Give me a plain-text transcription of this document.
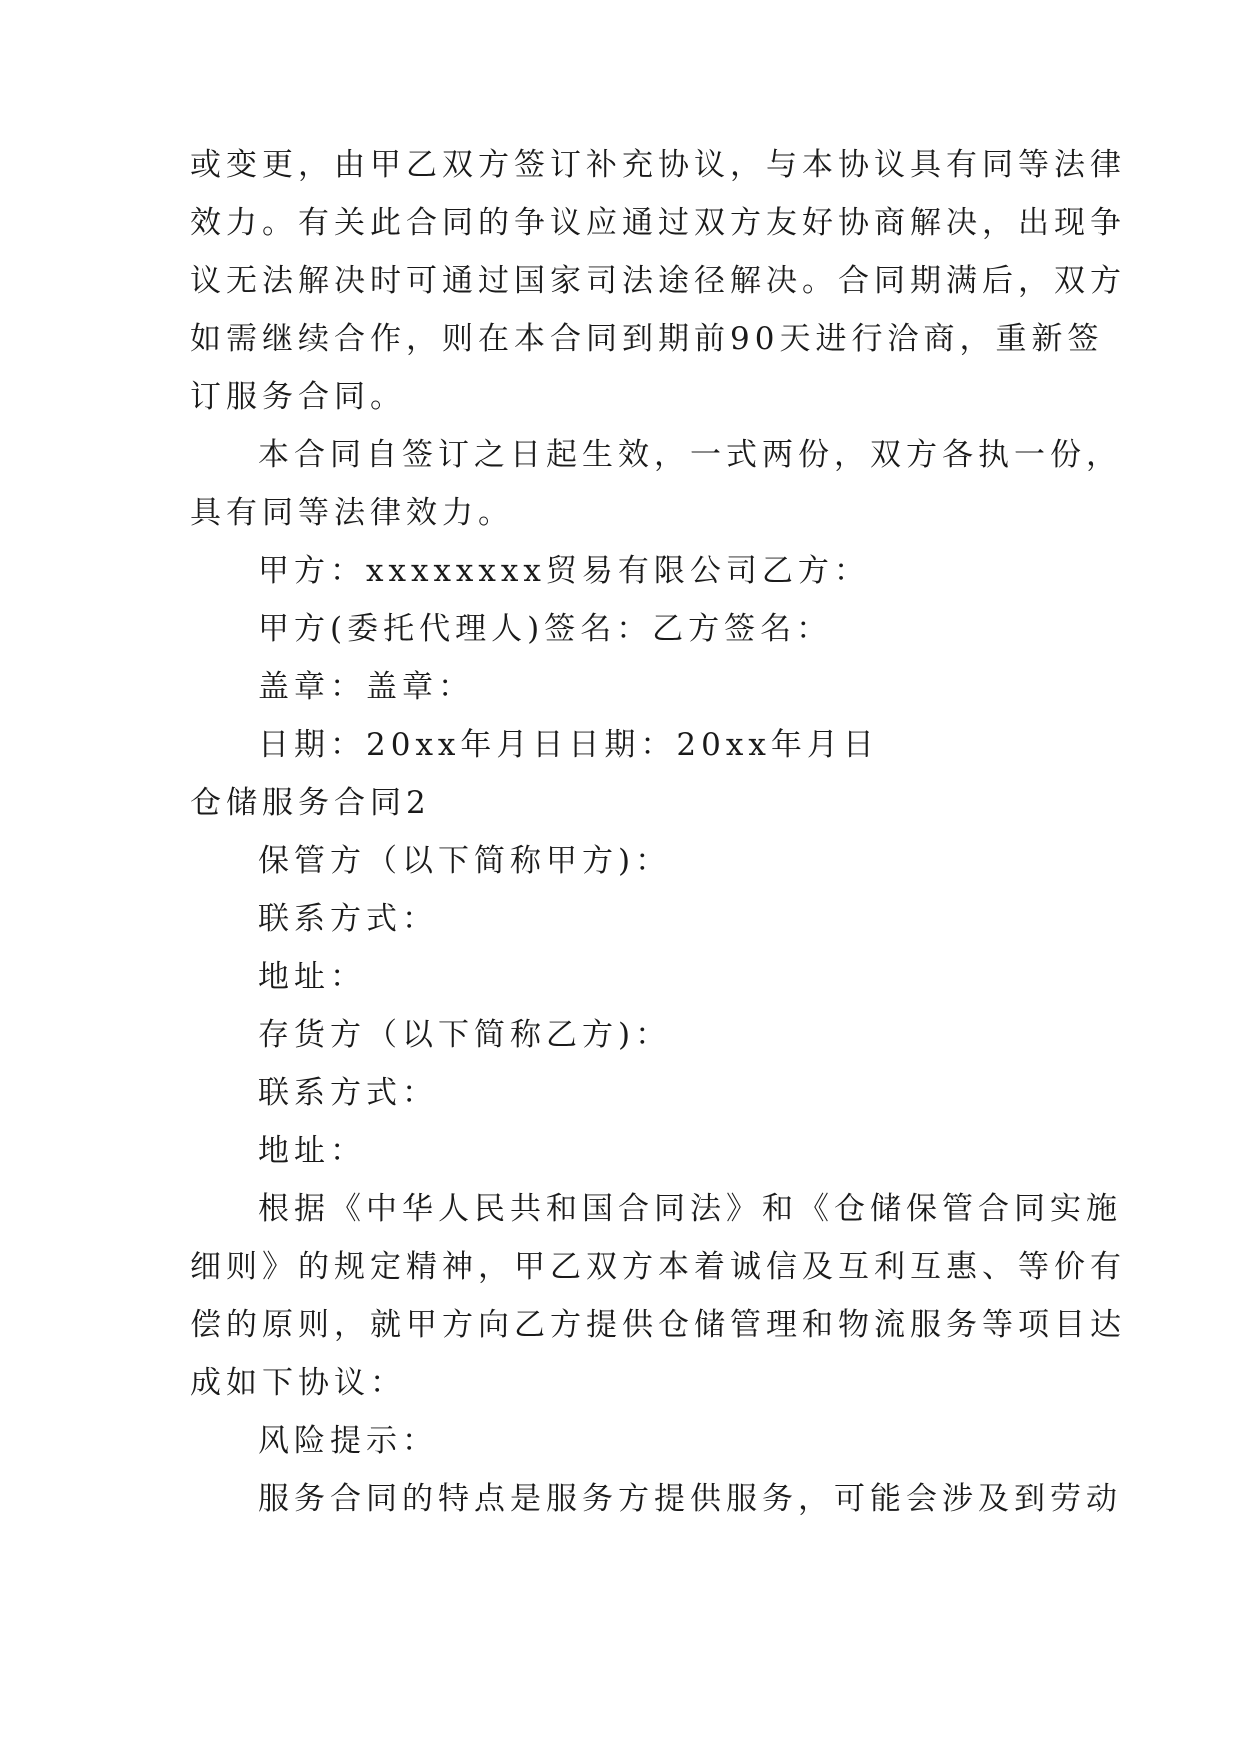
或变更，由甲乙双方签订补充协议，与本协议具有同等法律
效力。有关此合同的争议应通过双方友好协商解决，出现争
议无法解决时可通过国家司法途径解决。合同期满后，双方
如需继续合作，则在本合同到期前90天进行洽商，重新签
订服务合同。
本合同自签订之日起生效，一式两份，双方各执一份，
具有同等法律效力。
甲方：xxxxxxxx贸易有限公司乙方：
甲方(委托代理人)签名：乙方签名：
盖章：盖章：
日期：20xx年月日日期：20xx年月日
仓储服务合同2
保管方（以下简称甲方)：
联系方式：
地址：
存货方（以下简称乙方)：
联系方式：
地址：
根据《中华人民共和国合同法》和《仓储保管合同实施
细则》的规定精神，甲乙双方本着诚信及互利互惠、等价有
偿的原则，就甲方向乙方提供仓储管理和物流服务等项目达
成如下协议：
风险提示：
服务合同的特点是服务方提供服务，可能会涉及到劳动
